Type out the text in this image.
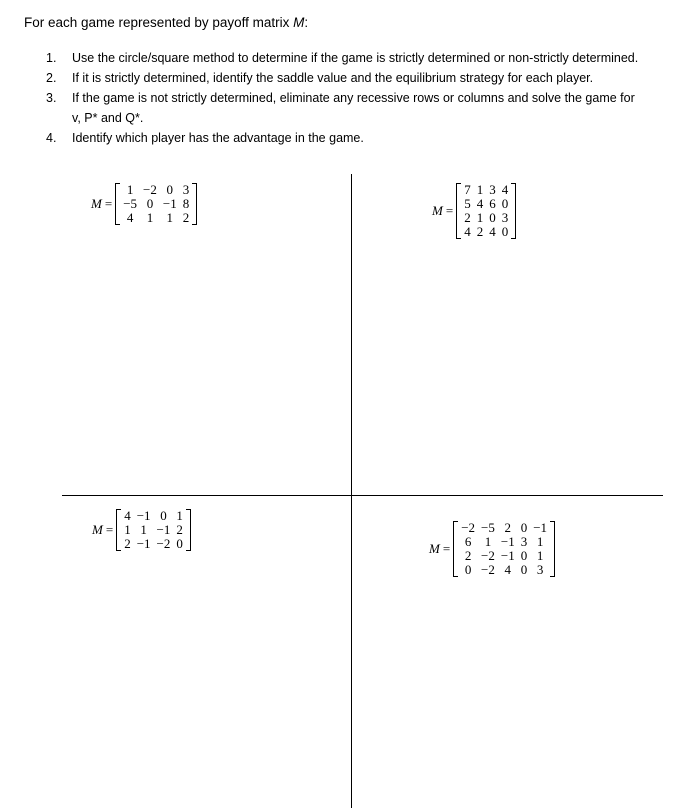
For each game represented by payoff matrix M:
1. Use the circle/square method to determine if the game is strictly determined or non-strictly determined.
2. If it is strictly determined, identify the saddle value and the equilibrium strategy for each player.
3. If the game is not strictly determined, eliminate any recessive rows or columns and solve the game for v, P* and Q*.
4. Identify which player has the advantage in the game.
M =
1	−2	0	3
−5	0	−1	8
4	1	1	2	M =
7	1	3	4
5	4	6	0
2	1	0	3
4	2	4	0
M =
4	−1	0	1
1	1	−1	2
2	−1	−2	0	M =
−2	−5	2	0	−1
6	1	−1	3	1
2	−2	−1	0	1
0	−2	4	0	3
